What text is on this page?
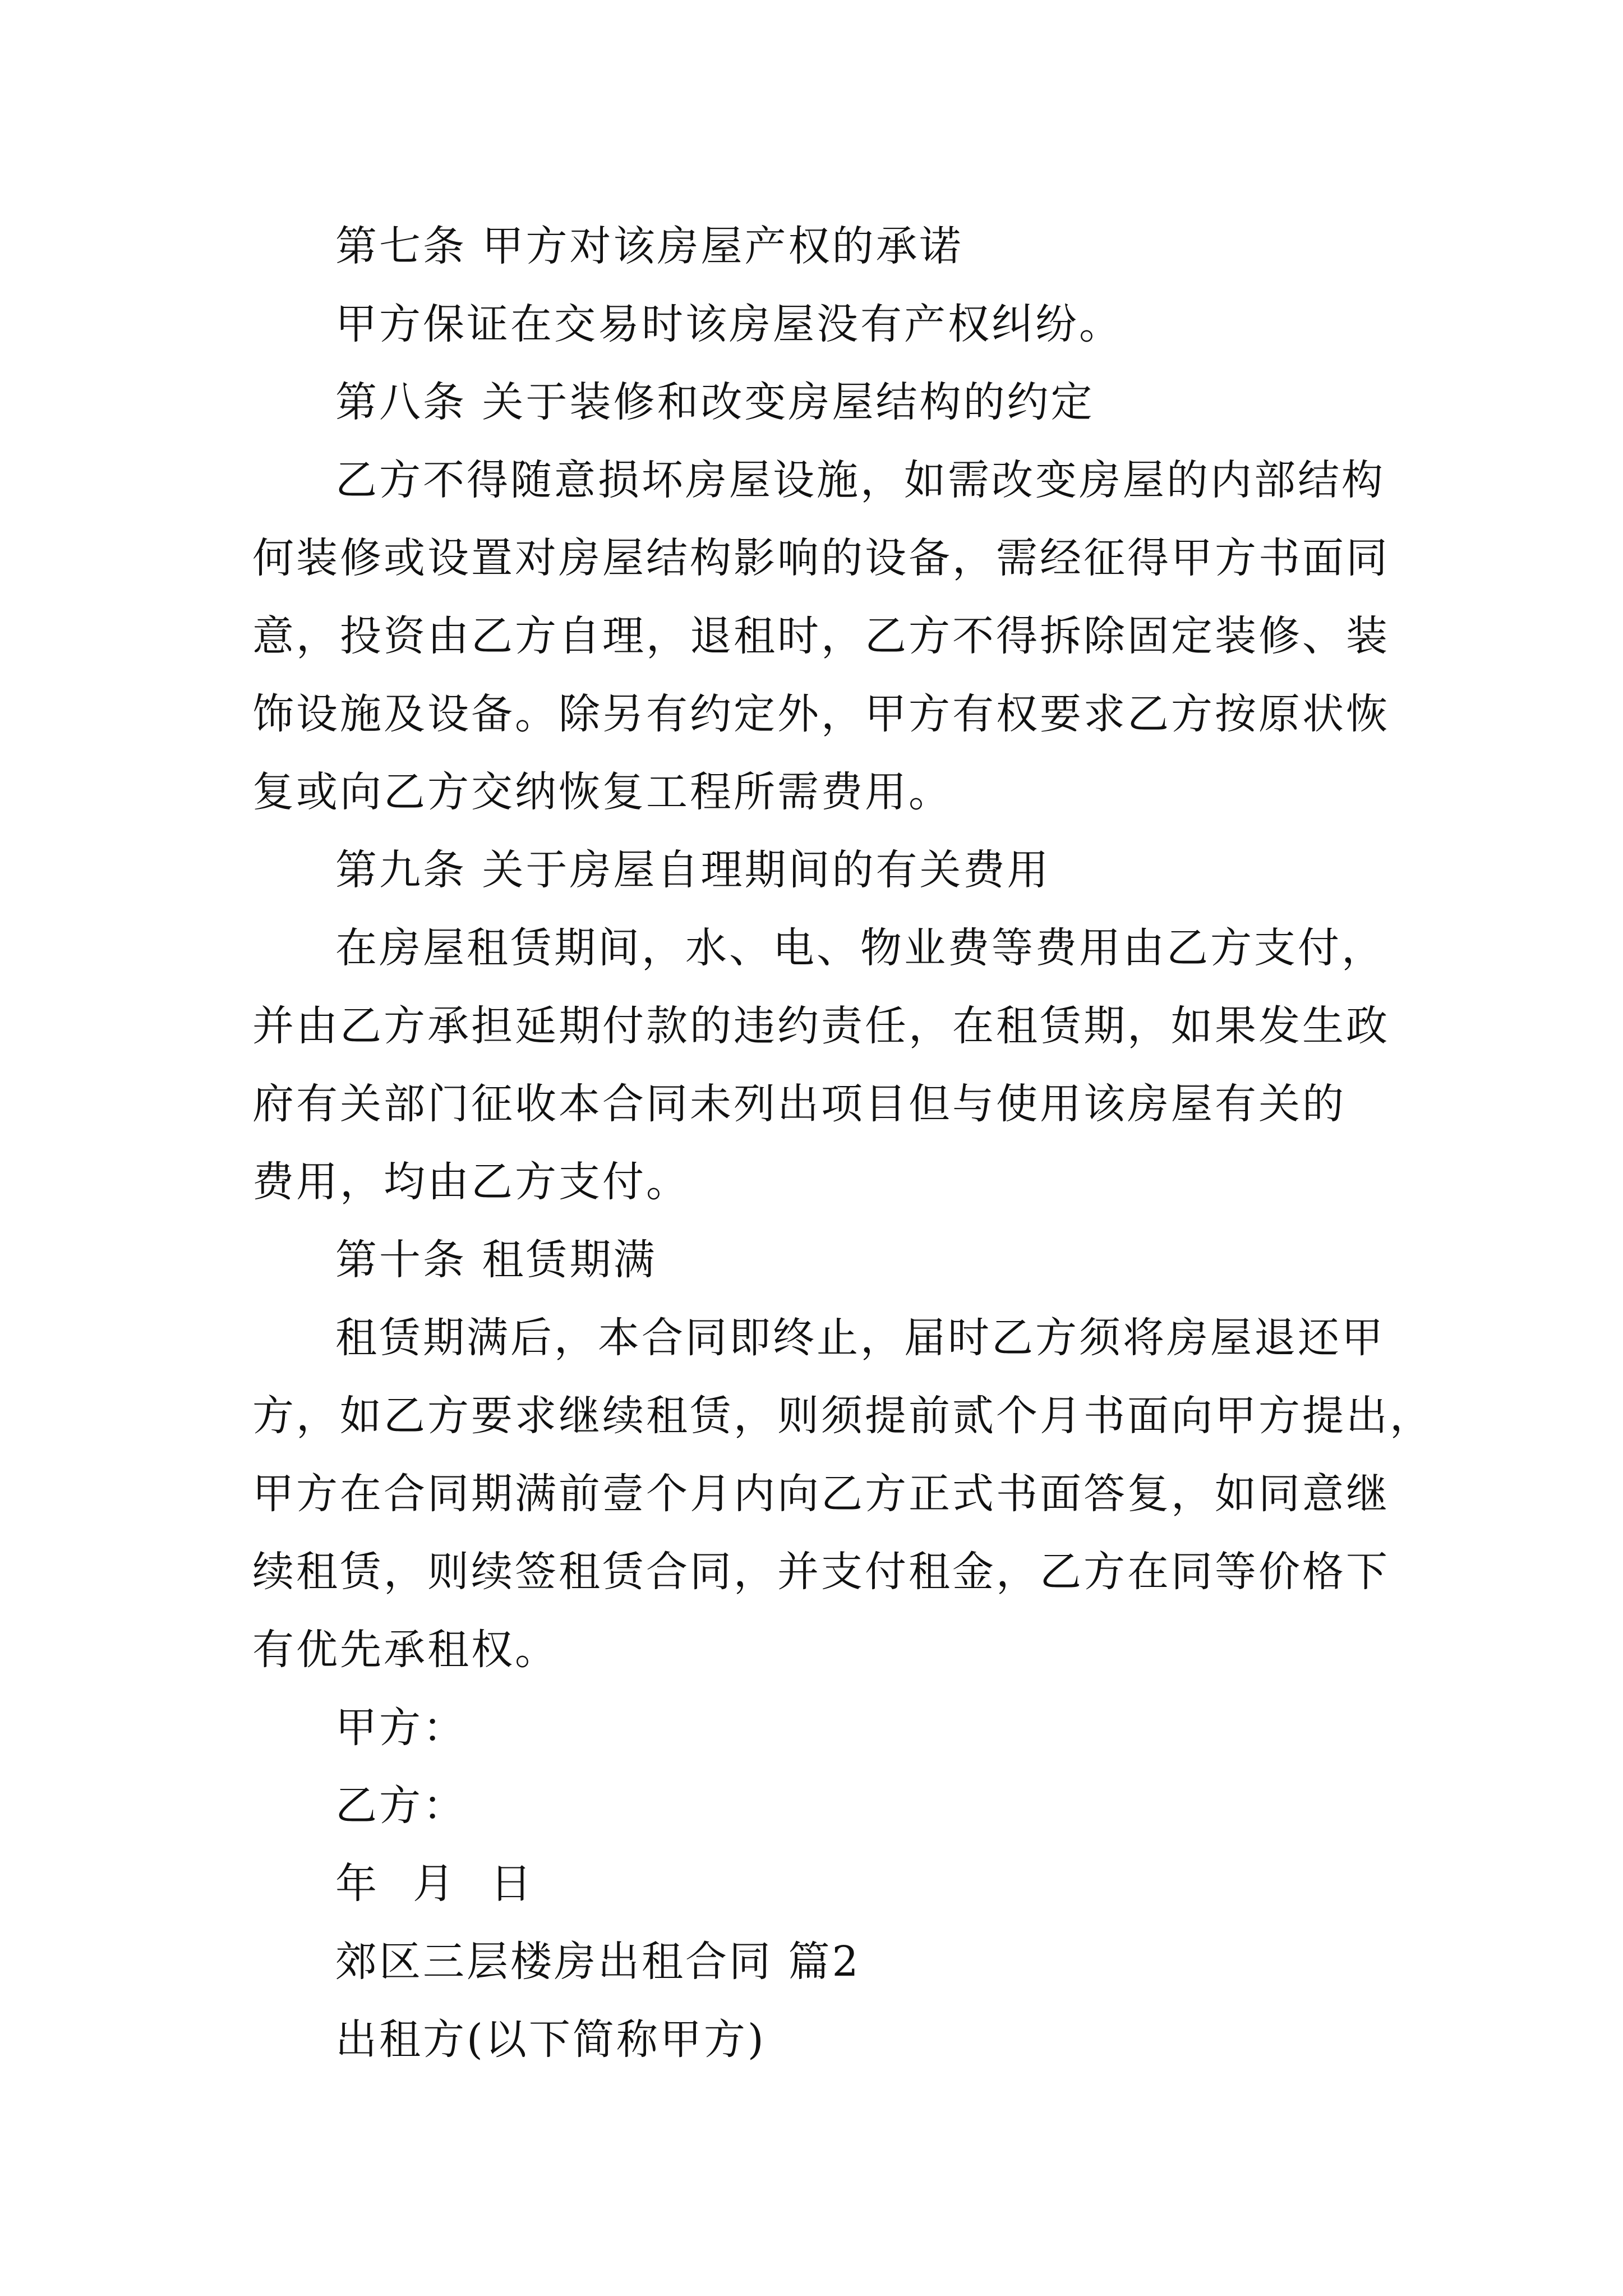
第七条 甲方对该房屋产权的承诺
甲方保证在交易时该房屋没有产权纠纷。
第八条 关于装修和改变房屋结构的约定
乙方不得随意损坏房屋设施，如需改变房屋的内部结构
何装修或设置对房屋结构影响的设备，需经征得甲方书面同
意，投资由乙方自理，退租时，乙方不得拆除固定装修、装
饰设施及设备。除另有约定外，甲方有权要求乙方按原状恢
复或向乙方交纳恢复工程所需费用。
第九条 关于房屋自理期间的有关费用
在房屋租赁期间，水、电、物业费等费用由乙方支付，
并由乙方承担延期付款的违约责任，在租赁期，如果发生政
府有关部门征收本合同未列出项目但与使用该房屋有关的
费用，均由乙方支付。
第十条 租赁期满
租赁期满后，本合同即终止，届时乙方须将房屋退还甲
方，如乙方要求继续租赁，则须提前贰个月书面向甲方提出，
甲方在合同期满前壹个月内向乙方正式书面答复，如同意继
续租赁，则续签租赁合同，并支付租金，乙方在同等价格下
有优先承租权。
甲方：
乙方：
年 月 日
郊区三层楼房出租合同 篇2
出租方(以下简称甲方)
